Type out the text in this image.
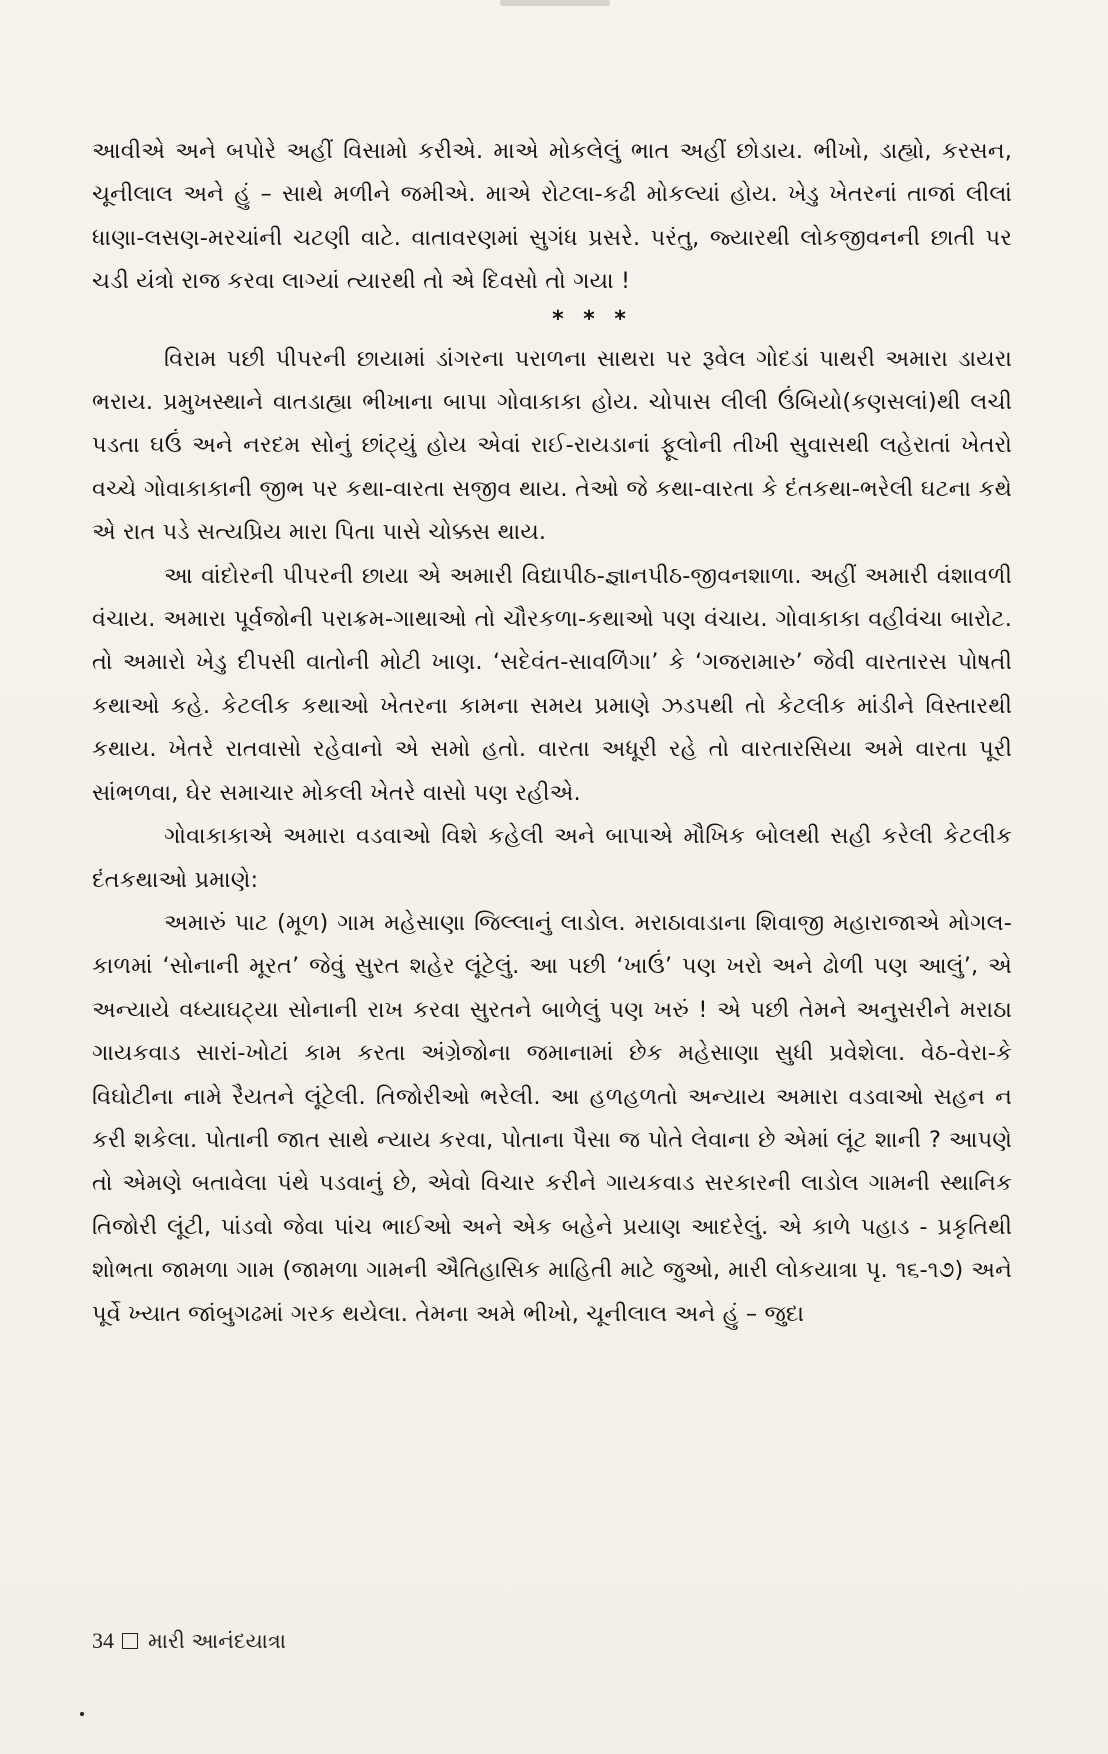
આવીએ અને બપોરે અહીં વિસામો કરીએ. માએ મોકલેલું ભાત અહીં છોડાય. ભીખો, ડાહ્યો, કરસન, ચૂનીલાલ અને હું – સાથે મળીને જમીએ. માએ રોટલા-કઢી મોકલ્યાં હોય. ખેડુ ખેતરનાં તાજાં લીલાં ધાણા-લસણ-મરચાંની ચટણી વાટે. વાતાવરણમાં સુગંધ પ્રસરે. પરંતુ, જ્યારથી લોકજીવનની છાતી પર ચડી યંત્રો રાજ કરવા લાગ્યાં ત્યારથી તો એ દિવસો તો ગયા !

* * *

વિરામ પછી પીપરની છાયામાં ડાંગરના પરાળના સાથરા પર રૂવેલ ગોદડાં પાથરી અમારા ડાયરા ભરાય. પ્રમુખસ્થાને વાતડાહ્યા ભીખાના બાપા ગોવાકાકા હોય. ચોપાસ લીલી ઉંબિયો(કણસલાં)થી લચી પડતા ઘઉં અને નરદમ સોનું છાંટ્યું હોય એવાં રાઈ-રાયડાનાં ફૂલોની તીખી સુવાસથી લહેરાતાં ખેતરો વચ્ચે ગોવાકાકાની જીભ પર કથા-વારતા સજીવ થાય. તેઓ જે કથા-વારતા કે દંતકથા-ભરેલી ઘટના કથે એ રાત પડે સત્યપ્રિય મારા પિતા પાસે ચોક્કસ થાય.

આ વાંદોરની પીપરની છાયા એ અમારી વિદ્યાપીઠ-જ્ઞાનપીઠ-જીવનશાળા. અહીં અમારી વંશાવળી વંચાય. અમારા પૂર્વજોની પરાક્રમ-ગાથાઓ તો ચૌરકળા-કથાઓ પણ વંચાય. ગોવાકાકા વહીવંચા બારોટ. તો અમારો ખેડુ દીપસી વાતોની મોટી ખાણ. ‘સદેવંત-સાવળિંગા’ કે ‘ગજરામારુ’ જેવી વારતારસ પોષતી કથાઓ કહે. કેટલીક કથાઓ ખેતરના કામના સમય પ્રમાણે ઝડપથી તો કેટલીક માંડીને વિસ્તારથી કથાય. ખેતરે રાતવાસો રહેવાનો એ સમો હતો. વારતા અધૂરી રહે તો વારતારસિયા અમે વારતા પૂરી સાંભળવા, ઘેર સમાચાર મોકલી ખેતરે વાસો પણ રહીએ.

ગોવાકાકાએ અમારા વડવાઓ વિશે કહેલી અને બાપાએ મૌખિક બોલથી સહી કરેલી કેટલીક દંતકથાઓ પ્રમાણે:

અમારું પાટ (મૂળ) ગામ મહેસાણા જિલ્લાનું લાડોલ. મરાઠાવાડાના શિવાજી મહારાજાએ મોગલ-કાળમાં ‘સોનાની મૂરત’ જેવું સુરત શહેર લૂંટેલું. આ પછી ‘ખાઉં’ પણ ખરો અને ઢોળી પણ આલું’, એ અન્યાયે વધ્યાઘટ્યા સોનાની રાખ કરવા સુરતને બાળેલું પણ ખરું ! એ પછી તેમને અનુસરીને મરાઠા ગાયકવાડ સારાં-ખોટાં કામ કરતા અંગ્રેજોના જમાનામાં છેક મહેસાણા સુધી પ્રવેશેલા. વેઠ-વેરા-કે વિઘોટીના નામે રૈયતને લૂંટેલી. તિજોરીઓ ભરેલી. આ હળહળતો અન્યાય અમારા વડવાઓ સહન ન કરી શકેલા. પોતાની જાત સાથે ન્યાય કરવા, પોતાના પૈસા જ પોતે લેવાના છે એમાં લૂંટ શાની ? આપણે તો એમણે બતાવેલા પંથે પડવાનું છે, એવો વિચાર કરીને ગાયકવાડ સરકારની લાડોલ ગામની સ્થાનિક તિજોરી લૂંટી, પાંડવો જેવા પાંચ ભાઈઓ અને એક બહેને પ્રયાણ આદરેલું. એ કાળે પહાડ - પ્રકૃતિથી શોભતા જામળા ગામ (જામળા ગામની ઐતિહાસિક માહિતી માટે જુઓ, મારી લોકયાત્રા પૃ. ૧૬-૧૭) અને પૂર્વે ખ્યાત જાંબુગઢમાં ગરક થયેલા. તેમના અમે ભીખો, ચૂનીલાલ અને હું – જુદા

34 મારી આનંદયાત્રા
